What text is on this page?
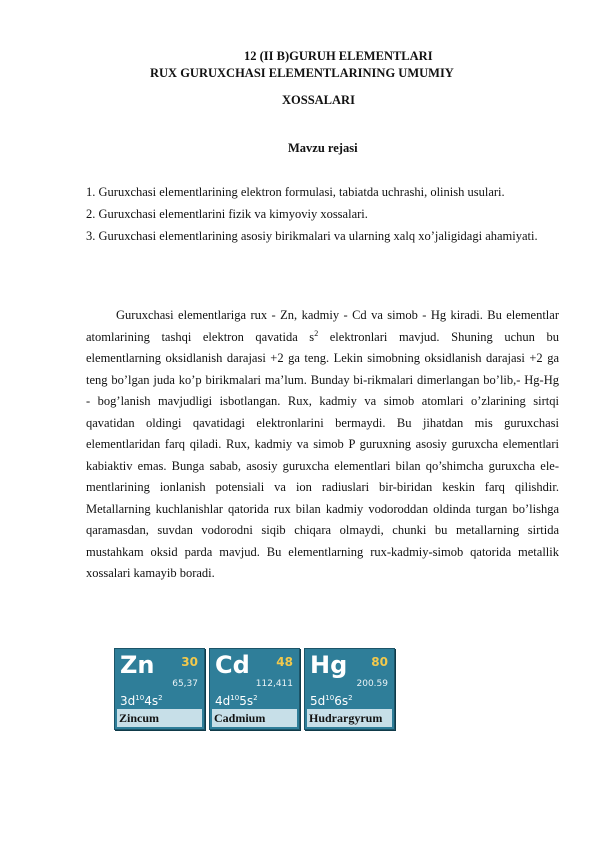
12 (II B)GURUH ELEMENTLARI
RUX GURUXCHASI ELEMENTLARINING UMUMIY
XOSSALARI
Mavzu rejasi

1. Guruxchasi elementlarining elektron formulasi, tabiatda uchrashi, olinish usulari.

2. Guruxchasi elementlarini fizik va kimyoviy xossalari.

3. Guruxchasi elementlarining asosiy birikmalari va ularning xalq xo’jaligidagi ahamiyati.

Guruxchasi elementlariga rux - Zn, kadmiy - Cd va simob - Hg kiradi. Bu elementlar atomlarining tashqi elektron qavatida $s^2$ elektronlari mavjud. Shuning uchun bu elementlarning oksidlanish darajasi +2 ga teng. Lekin simobning oksidlanish darajasi +2 ga teng bo’lgan juda ko’p birikmalari ma’lum. Bunday bi-rikmalari dimerlangan bo’lib,- Hg-Hg - bog’lanish mavjudligi isbotlangan. Rux, kadmiy va simob atomlari o’zlarining sirtqi qavatidan oldingi qavatidagi elektronlarini bermaydi. Bu jihatdan mis guruxchasi elementlaridan farq qiladi. Rux, kadmiy va simob P guruxning asosiy guruxcha elementlari kabiaktiv emas. Bunga sabab, asosiy guruxcha elementlari bilan qo’shimcha guruxcha ele-mentlarining ionlanish potensiali va ion radiuslari bir-biridan keskin farq qilishdir. Metallarning kuchlanishlar qatorida rux bilan kadmiy vodoroddan oldinda turgan bo’lishga qaramasdan, suvdan vodorodni siqib chiqara olmaydi, chunki bu metallarning sirtida mustahkam oksid parda mavjud. Bu elementlarning rux-kadmiy-simob qatorida metallik xossalari kamayib boradi.

Zn 30
65,37
$3d^{10}4s^2$
Zincum
Cd 48
112,411
$4d^{10}5s^2$
Cadmium
Hg 80
200.59
$5d^{10}6s^2$
Hudrargyrum
